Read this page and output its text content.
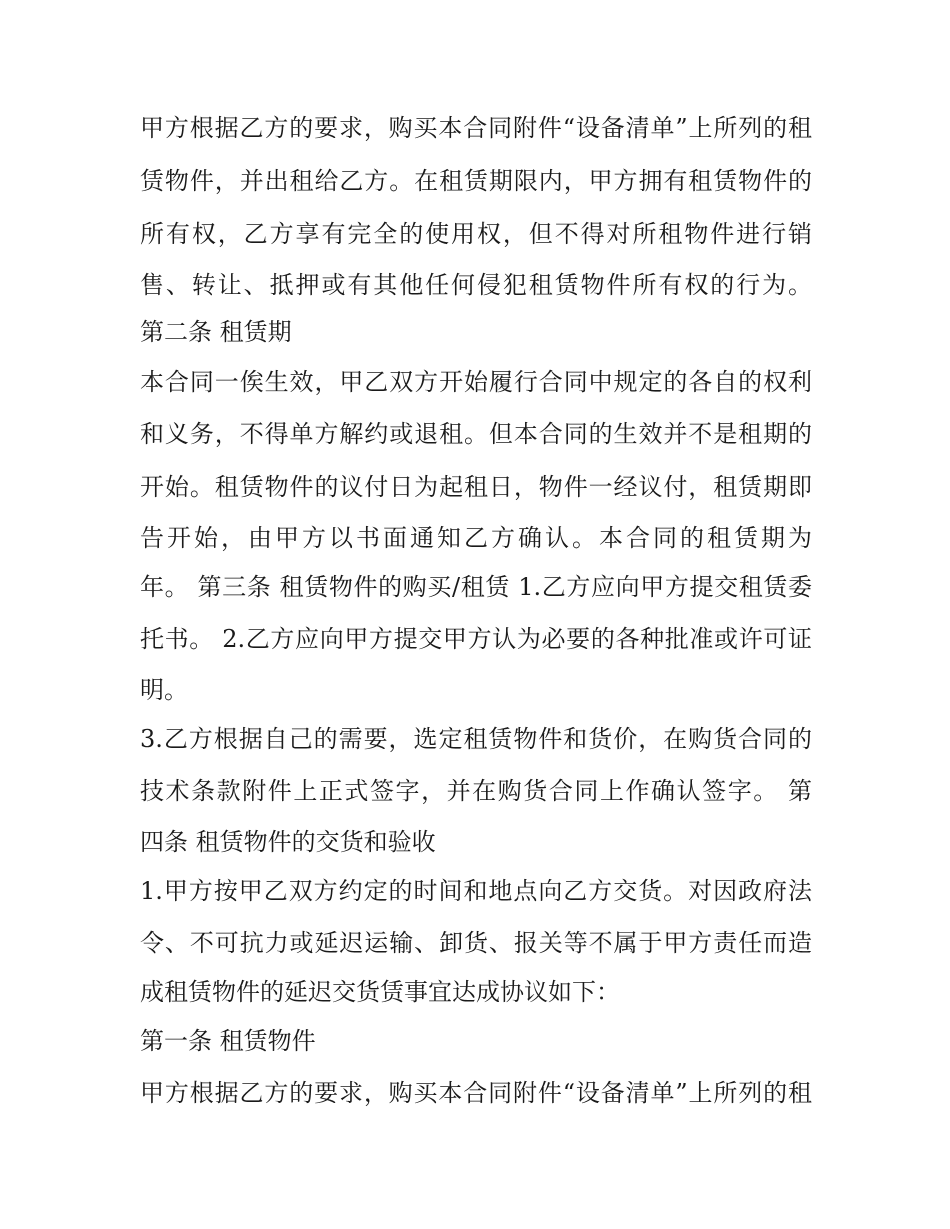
甲方根据乙方的要求，购买本合同附件“设备清单”上所列的租
赁物件，并出租给乙方。在租赁期限内，甲方拥有租赁物件的
所有权，乙方享有完全的使用权，但不得对所租物件进行销
售、转让、抵押或有其他任何侵犯租赁物件所有权的行为。
第二条 租赁期
本合同一俟生效，甲乙双方开始履行合同中规定的各自的权利
和义务，不得单方解约或退租。但本合同的生效并不是租期的
开始。租赁物件的议付日为起租日，物件一经议付，租赁期即
告开始，由甲方以书面通知乙方确认。本合同的租赁期为
年。 第三条 租赁物件的购买/租赁 1.乙方应向甲方提交租赁委
托书。 2.乙方应向甲方提交甲方认为必要的各种批准或许可证
明。
3.乙方根据自己的需要，选定租赁物件和货价，在购货合同的
技术条款附件上正式签字，并在购货合同上作确认签字。 第
四条 租赁物件的交货和验收
1.甲方按甲乙双方约定的时间和地点向乙方交货。对因政府法
令、不可抗力或延迟运输、卸货、报关等不属于甲方责任而造
成租赁物件的延迟交货赁事宜达成协议如下：
第一条 租赁物件
甲方根据乙方的要求，购买本合同附件“设备清单”上所列的租
